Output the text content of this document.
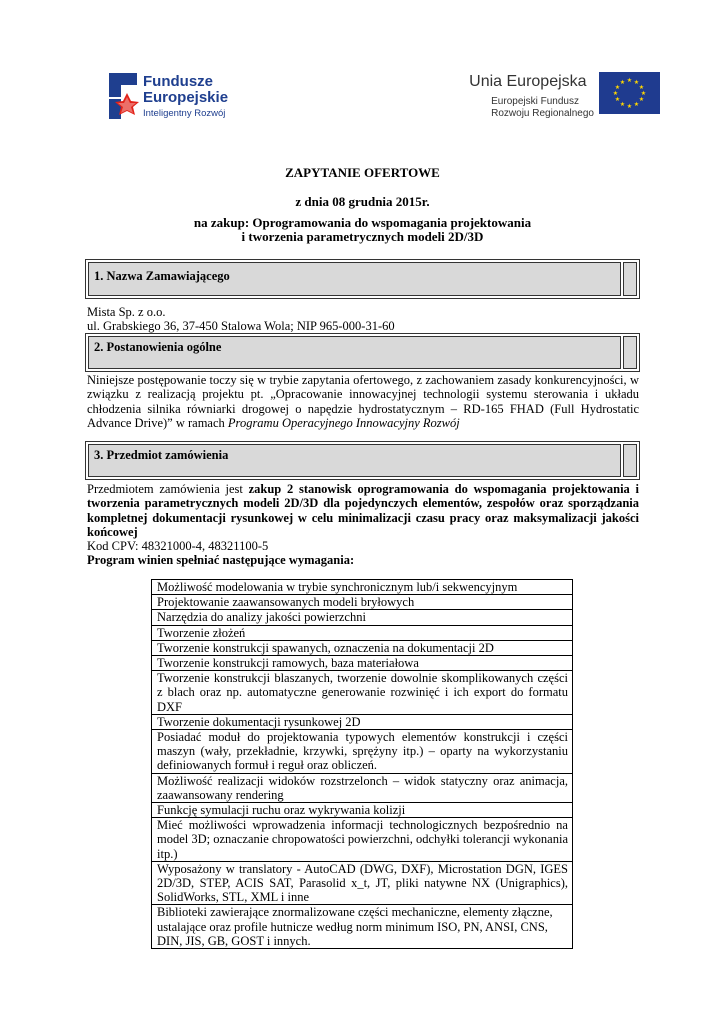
Fundusze
Europejskie
Inteligentny Rozwój
Unia Europejska
Europejski Fundusz
Rozwoju Regionalnego
★ ★
★
★
★
★
★
★
★
★
★
★
ZAPYTANIE OFERTOWE
z dnia 08 grudnia 2015r.
na zakup: Oprogramowania do wspomagania projektowania
i tworzenia parametrycznych modeli 2D/3D
1. Nazwa Zamawiającego
Mista Sp. z o.o.
ul. Grabskiego 36, 37-450 Stalowa Wola; NIP 965-000-31-60
2. Postanowienia ogólne
Niniejsze postępowanie toczy się w trybie zapytania ofertowego, z zachowaniem zasady konkurencyjności, w związku z realizacją projektu pt. „Opracowanie innowacyjnej technologii systemu sterowania i układu chłodzenia silnika równiarki drogowej o napędzie hydrostatycznym – RD-165 FHAD (Full Hydrostatic Advance Drive)” w ramach Programu Operacyjnego Innowacyjny Rozwój
3. Przedmiot zamówienia
Przedmiotem zamówienia jest zakup 2 stanowisk oprogramowania do wspomagania projektowania i tworzenia parametrycznych modeli 2D/3D dla pojedynczych elementów, zespołów oraz sporządzania kompletnej dokumentacji rysunkowej w celu minimalizacji czasu pracy oraz maksymalizacji jakości końcowej
Kod CPV: 48321000-4, 48321100-5
Program winien spełniać następujące wymagania:
Możliwość modelowania w trybie synchronicznym lub/i sekwencyjnym
Projektowanie zaawansowanych modeli bryłowych
Narzędzia do analizy jakości powierzchni
Tworzenie złożeń
Tworzenie konstrukcji spawanych, oznaczenia na dokumentacji 2D
Tworzenie konstrukcji ramowych, baza materiałowa
Tworzenie konstrukcji blaszanych, tworzenie dowolnie skomplikowanych części z blach oraz np. automatyczne generowanie rozwinięć i ich export do formatu DXF
Tworzenie dokumentacji rysunkowej 2D
Posiadać moduł do projektowania typowych elementów konstrukcji i części maszyn (wały, przekładnie, krzywki, sprężyny itp.) – oparty na wykorzystaniu definiowanych formuł i reguł oraz obliczeń.
Możliwość realizacji widoków rozstrzelonch – widok statyczny oraz animacja, zaawansowany rendering
Funkcję symulacji ruchu oraz wykrywania kolizji
Mieć możliwości wprowadzenia informacji technologicznych bezpośrednio na model 3D; oznaczanie chropowatości powierzchni, odchyłki tolerancji wykonania itp.)
Wyposażony w translatory - AutoCAD (DWG, DXF), Microstation DGN, IGES 2D/3D, STEP, ACIS SAT, Parasolid x_t, JT, pliki natywne NX (Unigraphics), SolidWorks, STL, XML i inne
Biblioteki zawierające znormalizowane części mechaniczne, elementy złączne, ustalające oraz profile hutnicze według norm minimum ISO, PN, ANSI, CNS, DIN, JIS, GB, GOST i innych.
